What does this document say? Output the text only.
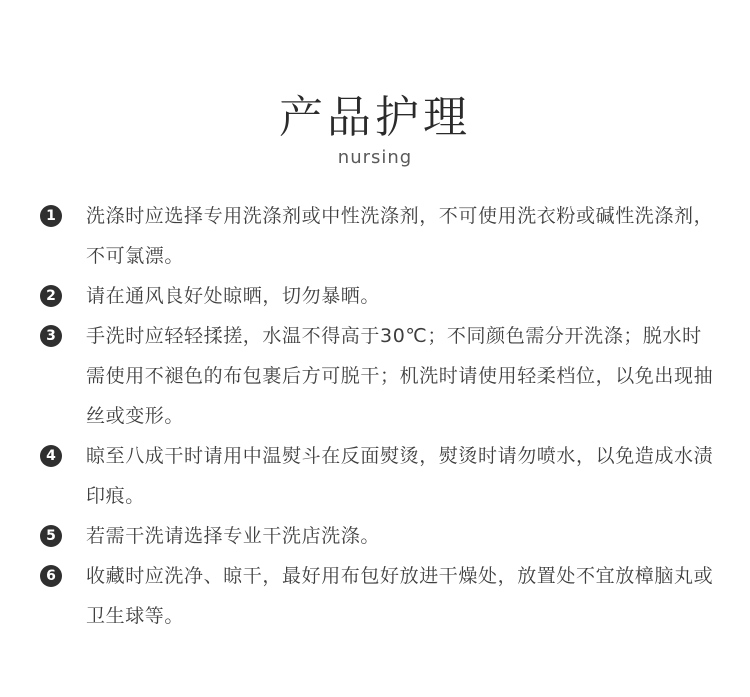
产品护理
nursing
1	洗涤时应选择专用洗涤剂或中性洗涤剂，不可使用洗衣粉或碱性洗涤剂，不可氯漂。

2	请在通风良好处晾晒，切勿暴晒。

3	手洗时应轻轻揉搓，水温不得高于30℃；不同颜色需分开洗涤；脱水时需使用不褪色的布包裹后方可脱干；机洗时请使用轻柔档位，以免出现抽丝或变形。

4	晾至八成干时请用中温熨斗在反面熨烫，熨烫时请勿喷水，以免造成水渍印痕。

5	若需干洗请选择专业干洗店洗涤。

6	收藏时应洗净、晾干，最好用布包好放进干燥处，放置处不宜放樟脑丸或卫生球等。
